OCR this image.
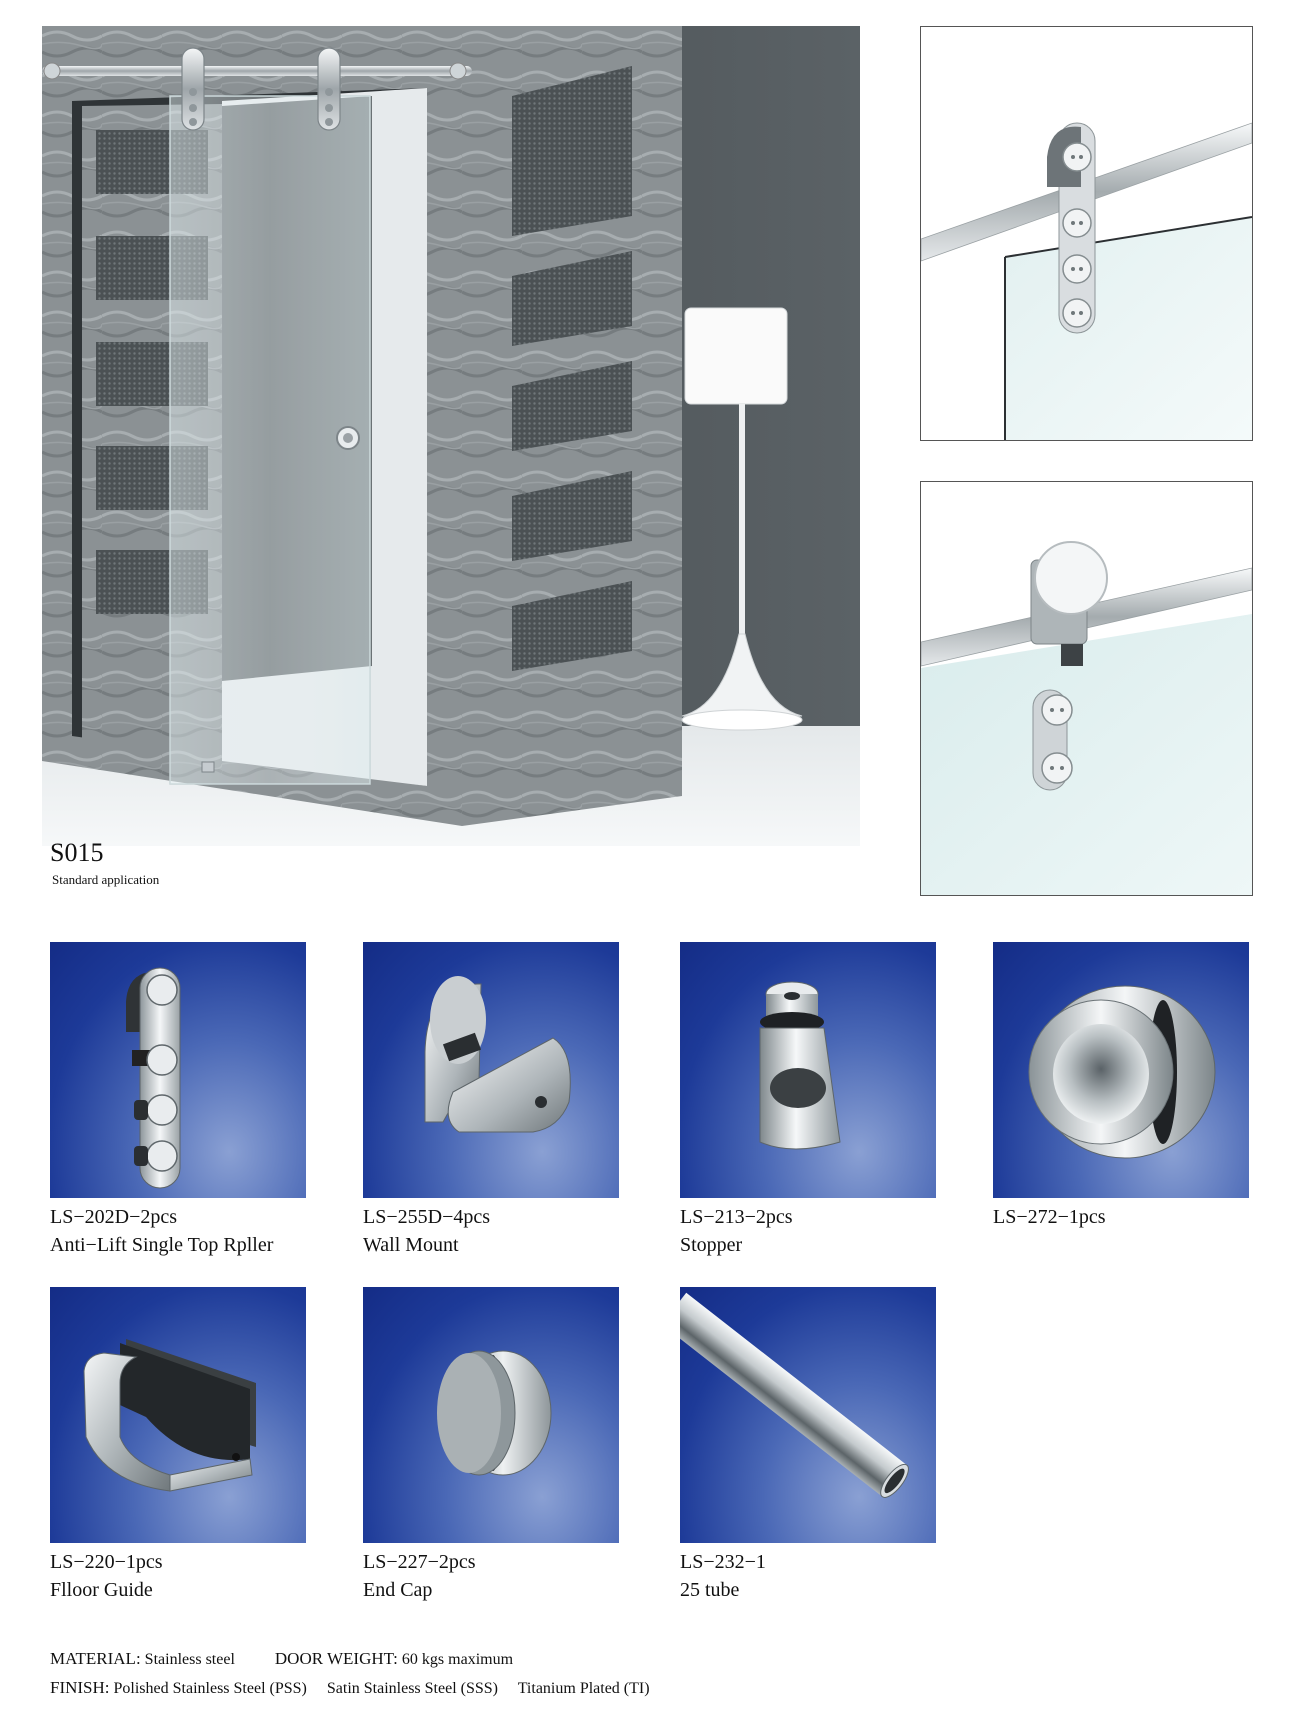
S015
Standard application
LS−202D−2pcs
Anti−Lift Single Top Rpller
LS−255D−4pcs
Wall Mount
LS−213−2pcs
Stopper
LS−272−1pcs
LS−220−1pcs
Flloor Guide
LS−227−2pcs
End Cap
LS−232−1
25 tube
MATERIAL: Stainless steel DOOR WEIGHT: 60 kgs maximum
FINISH: Polished Stainless Steel (PSS) Satin Stainless Steel (SSS) Titanium Plated (TI)
